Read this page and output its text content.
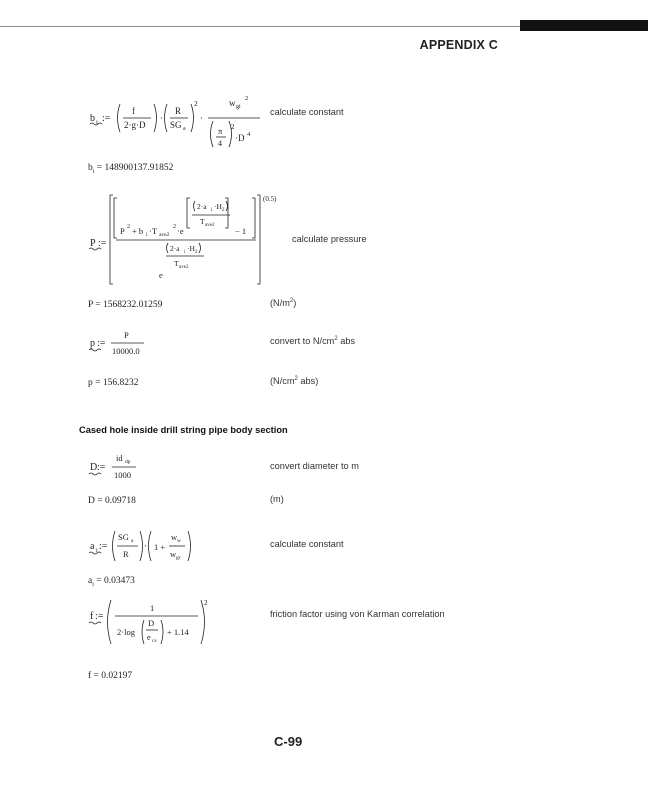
APPENDIX C
b i :=
f
2·g·D
·
R
SG a
2
·
w gi
2
π
4
2
·D 4
calculate constant
$b_i = 148900137.91852$
P :=
(0.5)
P 2 + b i ·T ave2
2 ·e
2·a i ·H 2
T ave2
− 1
2·a i ·H 2
T ave2
e
calculate pressure
P = 1568232.01259	$(N/m^2)$
p :=
P
10000.0
convert to $N/cm^2$ abs
p = 156.8232	($N/cm^2$ abs)
Cased hole inside drill string pipe body section
D :=
id dp
1000
convert diameter to m
D = 0.09718	(m)
a i :=
SG a
R
· 1 +
w w
w gr
calculate constant
$a_i = 0.03473$
f :=
1
2·log
D
e cs
+ 1.14
2
friction factor using von Karman correlation
f = 0.02197
C-99
